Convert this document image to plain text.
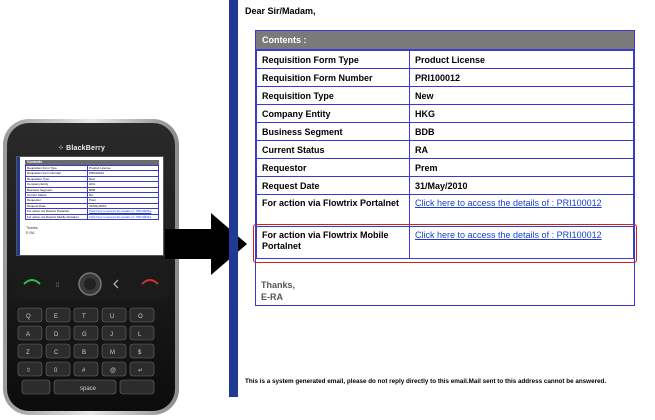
⁞⁞
Q	E	T	U	O
A	D	G	J	L
Z	C	B	M	$
⇧	0	#	@	↵
space
⁘ BlackBerry
Contents
Requisition Form Type	Product License
Requisition Form Number	PRI100012
Requisition Type	New
Company Entity	HKG
Business Segment	BDB
Current Status	RA
Requestor	Prem
Request Date	31/May/2010
For action via Flowtrix Portalnet	Click here to access the details of : PRI100012
For action via Flowtrix Mobile Portalnet	Click here to access the details of : PRI100012
Thanks,
E-RA
Dear Sir/Madam,
Contents :
Requisition Form Type	Product License
Requisition Form Number	PRI100012
Requisition Type	New
Company Entity	HKG
Business Segment	BDB
Current Status	RA
Requestor	Prem
Request Date	31/May/2010
For action via Flowtrix Portalnet	Click here to access the details of : PRI100012
For action via Flowtrix Mobile Portalnet	Click here to access the details of : PRI100012
Thanks,
E-RA
This is a system generated email, please do not reply directly to this email.Mail sent to this address cannot be answered.
